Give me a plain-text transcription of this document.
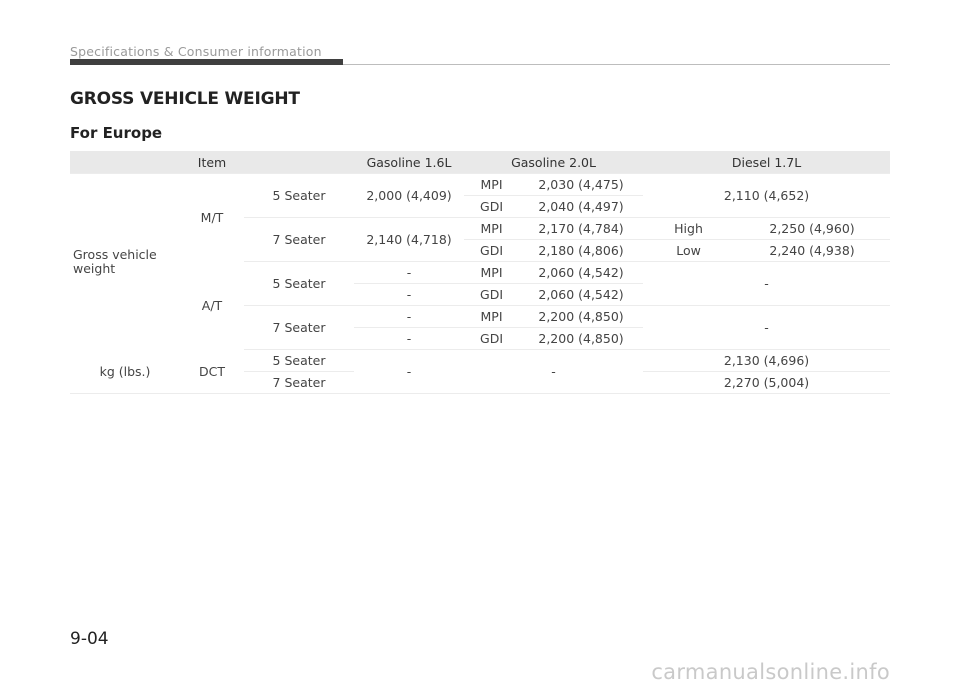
Specifications & Consumer information
GROSS VEHICLE WEIGHT
For Europe
Item			Gasoline 1.6L	Gasoline 2.0L		Diesel 1.7L	
Gross vehicle weight	M/T	5 Seater	2,000 (4,409)	MPI	2,030 (4,475)	2,110 (4,652)	
				GDI	2,040 (4,497)		
		7 Seater	2,140 (4,718)	MPI	2,170 (4,784)	High	2,250 (4,960)
				GDI	2,180 (4,806)	Low	2,240 (4,938)
	A/T	5 Seater	-	MPI	2,060 (4,542)	-	
			-	GDI	2,060 (4,542)		
		7 Seater	-	MPI	2,200 (4,850)	-	
			-	GDI	2,200 (4,850)		
kg (lbs.)	DCT	5 Seater	-	-		2,130 (4,696)	
		7 Seater				2,270 (5,004)	
9-04
carmanualsonline.info
